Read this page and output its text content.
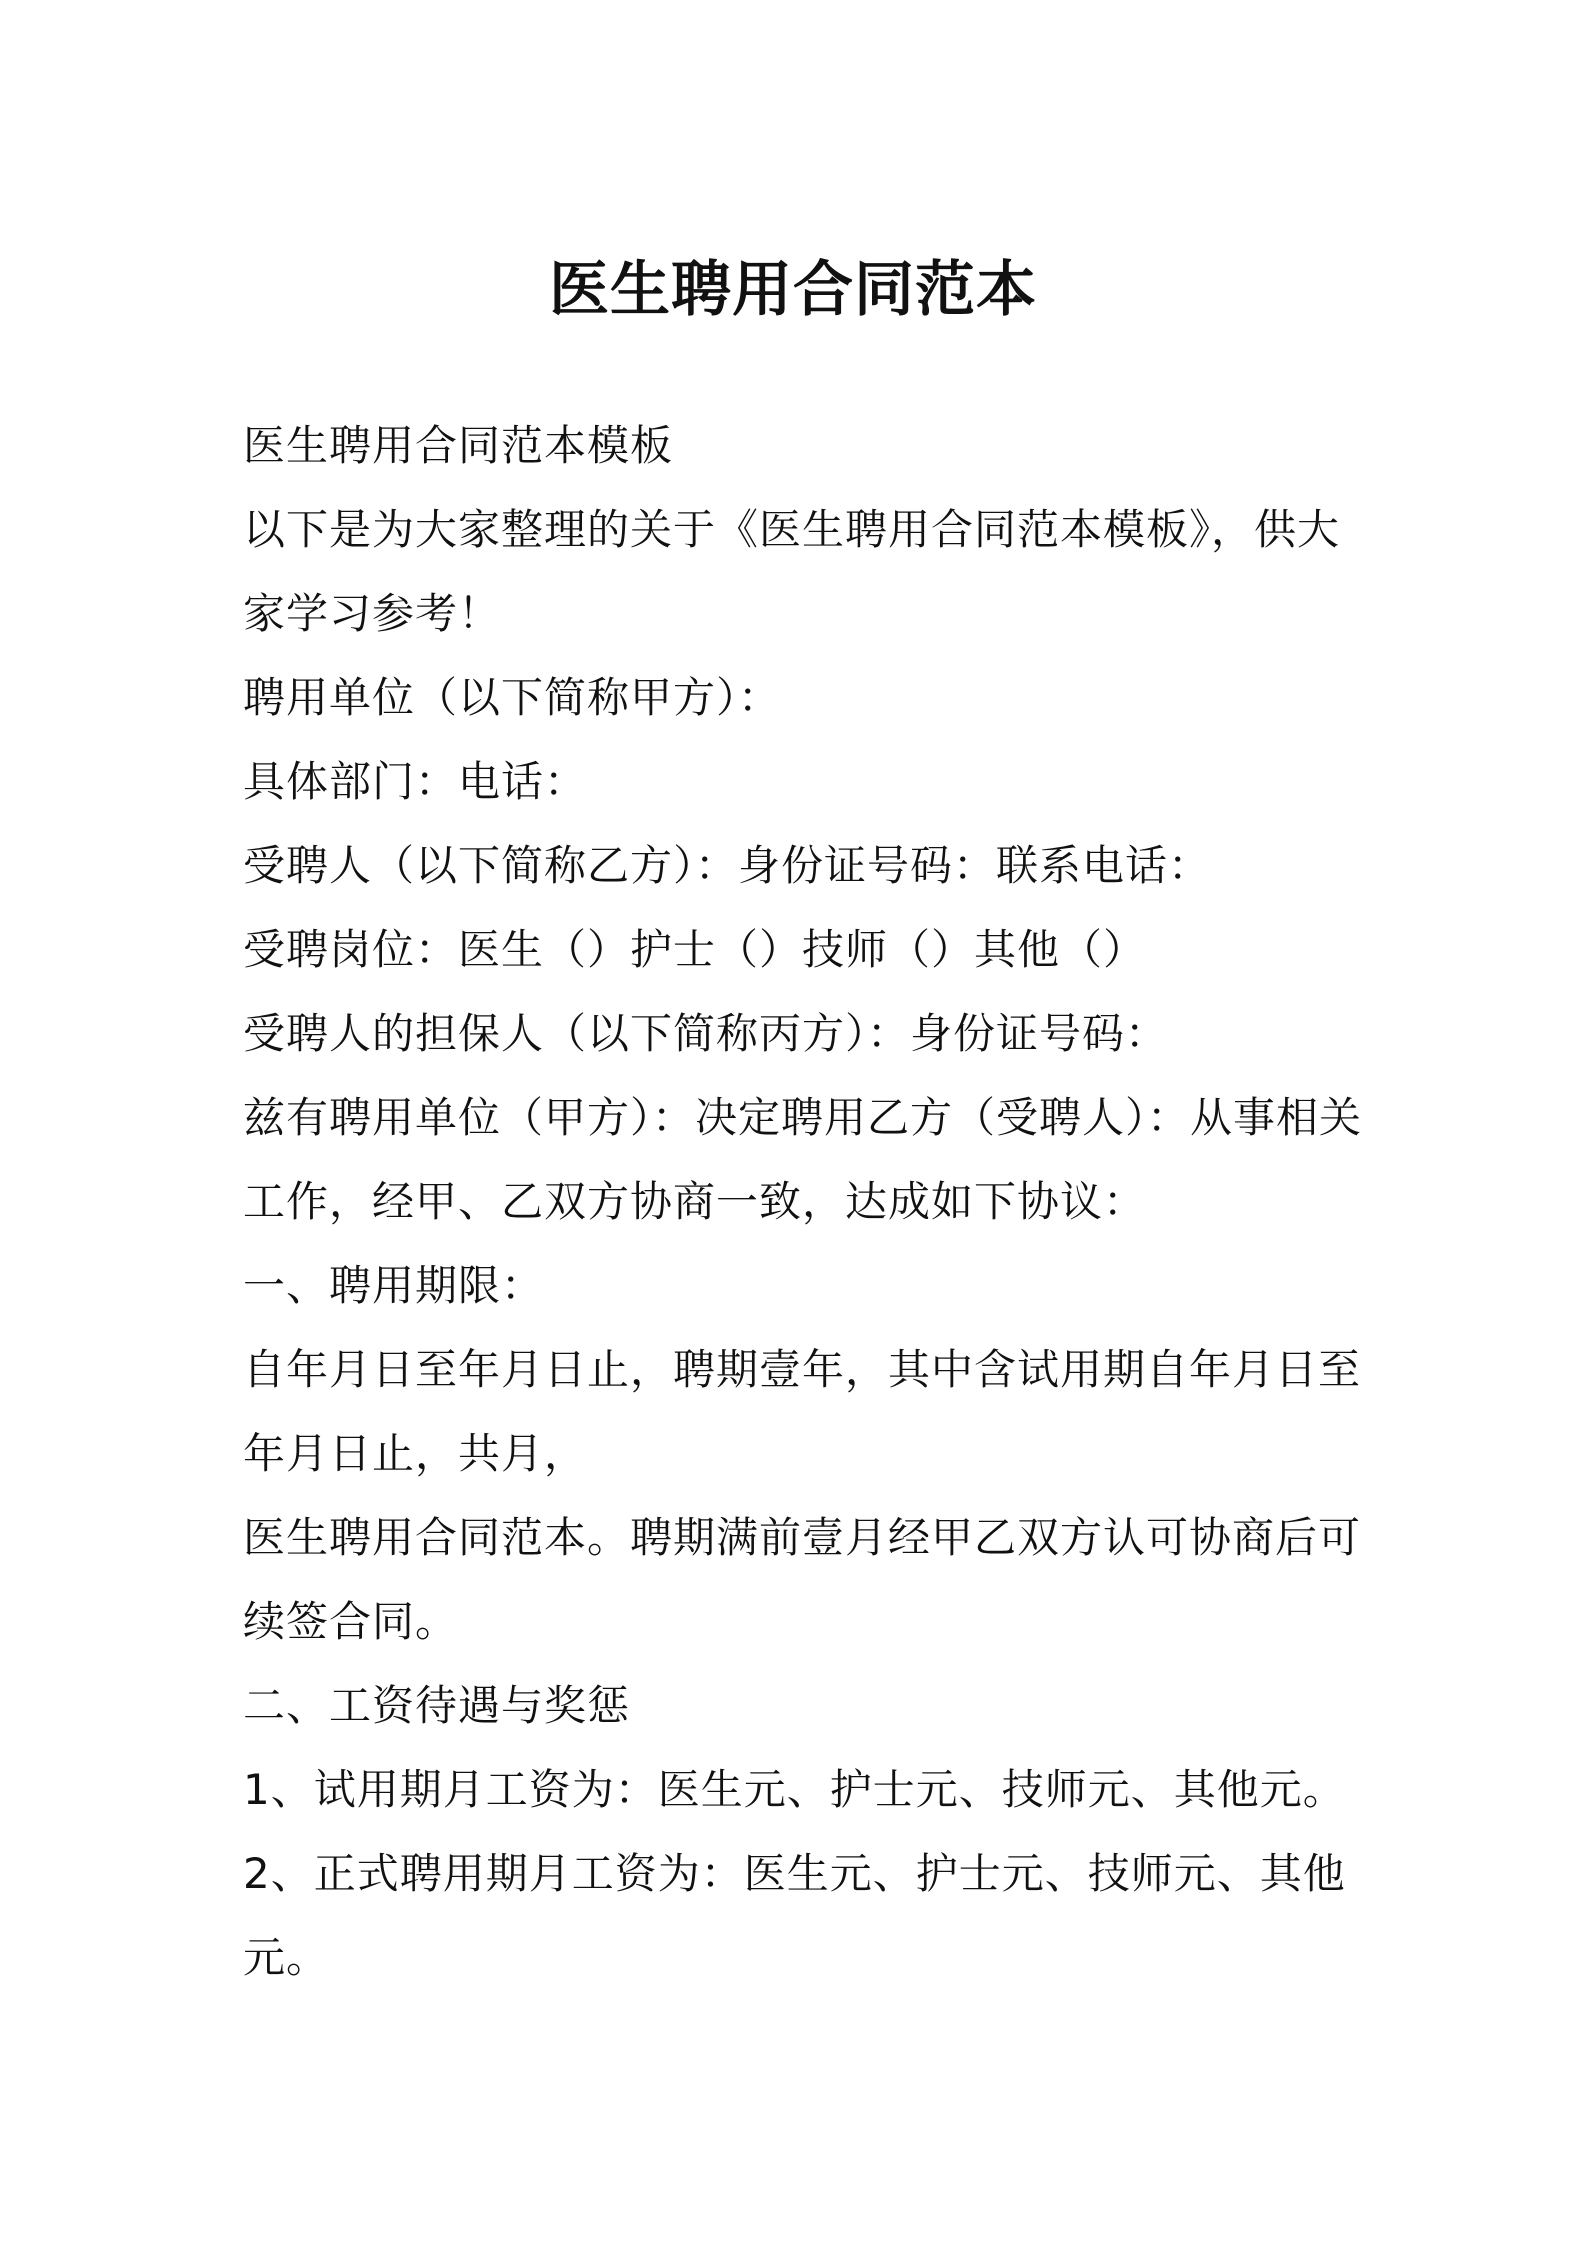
医生聘用合同范本
医生聘用合同范本模板
以下是为大家整理的关于《医生聘用合同范本模板》，供大
家学习参考！
聘用单位（以下简称甲方）：
具体部门：电话：
受聘人（以下简称乙方）：身份证号码：联系电话：
受聘岗位：医生（）护士（）技师（）其他（）
受聘人的担保人（以下简称丙方）：身份证号码：
兹有聘用单位（甲方）：决定聘用乙方（受聘人）：从事相关
工作，经甲、乙双方协商一致，达成如下协议：
一、聘用期限：
自年月日至年月日止，聘期壹年，其中含试用期自年月日至
年月日止，共月，
医生聘用合同范本。聘期满前壹月经甲乙双方认可协商后可
续签合同。
二、工资待遇与奖惩
1、试用期月工资为：医生元、护士元、技师元、其他元。
2、正式聘用期月工资为：医生元、护士元、技师元、其他
元。
